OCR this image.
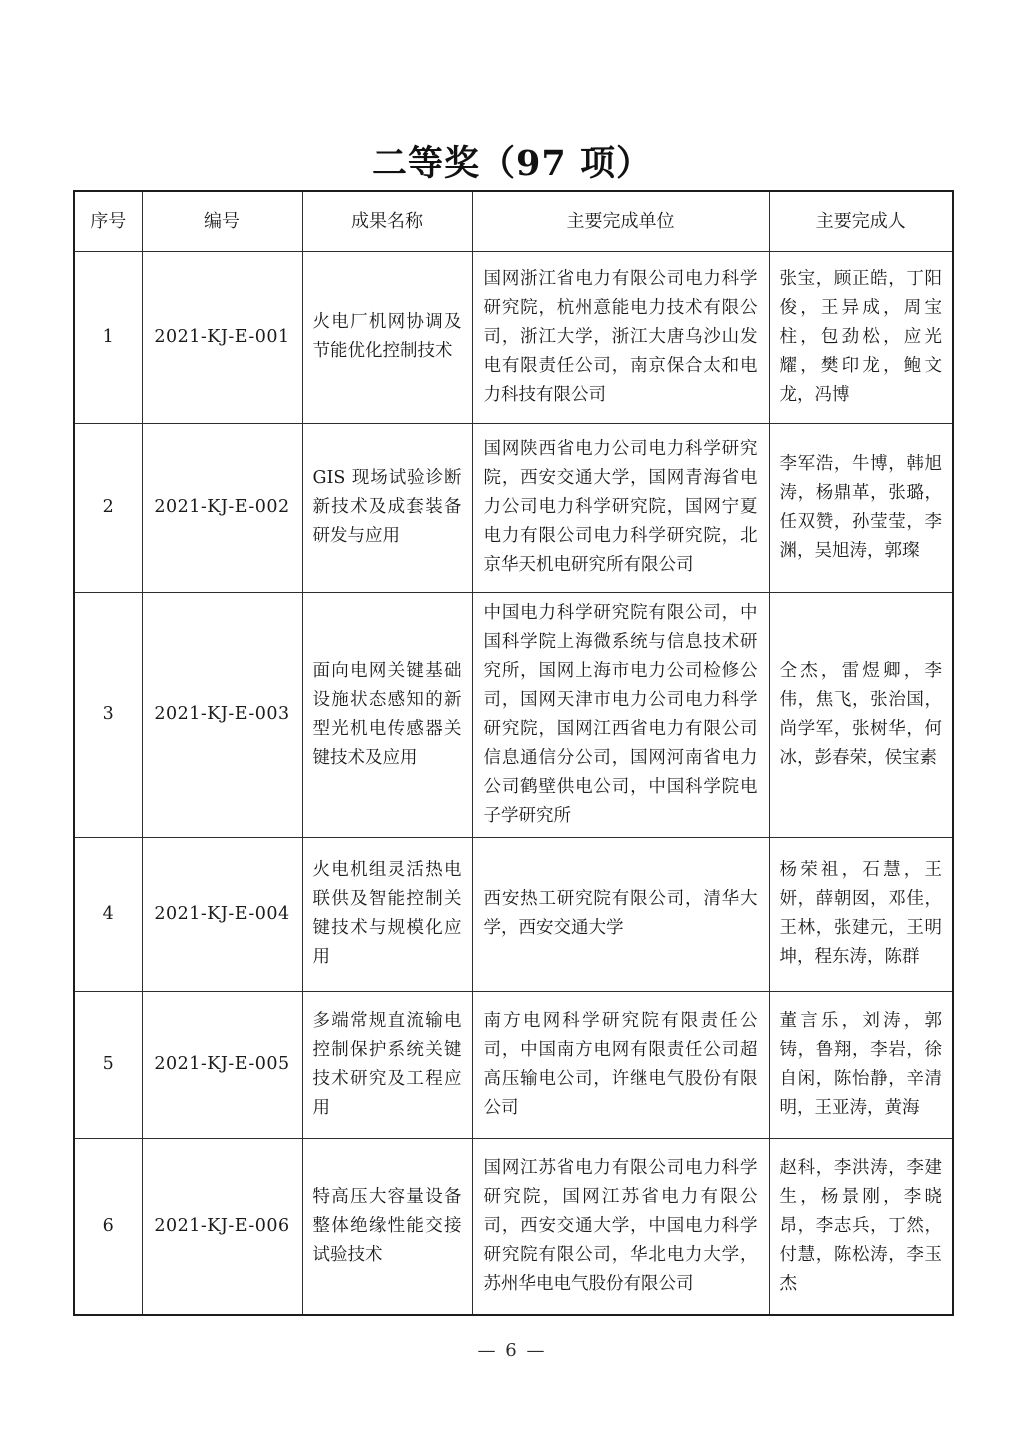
二等奖（97 项）
序号	编号	成果名称	主要完成单位	主要完成人
1	2021-KJ-E-001	火电厂机网协调及节能优化控制技术	国网浙江省电力有限公司电力科学研究院，杭州意能电力技术有限公司，浙江大学，浙江大唐乌沙山发电有限责任公司，南京保合太和电力科技有限公司	张宝，顾正皓，丁阳俊，王异成，周宝柱，包劲松，应光耀，樊印龙，鲍文龙，冯博
2	2021-KJ-E-002	GIS 现场试验诊断新技术及成套装备研发与应用	国网陕西省电力公司电力科学研究院，西安交通大学，国网青海省电力公司电力科学研究院，国网宁夏电力有限公司电力科学研究院，北京华天机电研究所有限公司	李军浩，牛博，韩旭涛，杨鼎革，张璐，任双赞，孙莹莹，李渊，吴旭涛，郭璨
3	2021-KJ-E-003	面向电网关键基础设施状态感知的新型光机电传感器关键技术及应用	中国电力科学研究院有限公司，中国科学院上海微系统与信息技术研究所，国网上海市电力公司检修公司，国网天津市电力公司电力科学研究院，国网江西省电力有限公司信息通信分公司，国网河南省电力公司鹤壁供电公司，中国科学院电子学研究所	仝杰，雷煜卿，李伟，焦飞，张治国，尚学军，张树华，何冰，彭春荣，侯宝素
4	2021-KJ-E-004	火电机组灵活热电联供及智能控制关键技术与规模化应用	西安热工研究院有限公司，清华大学，西安交通大学	杨荣祖，石慧，王妍，薛朝囡，邓佳，王林，张建元，王明坤，程东涛，陈群
5	2021-KJ-E-005	多端常规直流输电控制保护系统关键技术研究及工程应用	南方电网科学研究院有限责任公司，中国南方电网有限责任公司超高压输电公司，许继电气股份有限公司	董言乐，刘涛，郭铸，鲁翔，李岩，徐自闲，陈怡静，辛清明，王亚涛，黄海
6	2021-KJ-E-006	特高压大容量设备整体绝缘性能交接试验技术	国网江苏省电力有限公司电力科学研究院，国网江苏省电力有限公司，西安交通大学，中国电力科学研究院有限公司，华北电力大学，苏州华电电气股份有限公司	赵科，李洪涛，李建生，杨景刚，李晓昂，李志兵，丁然，付慧，陈松涛，李玉杰
— 6 —
